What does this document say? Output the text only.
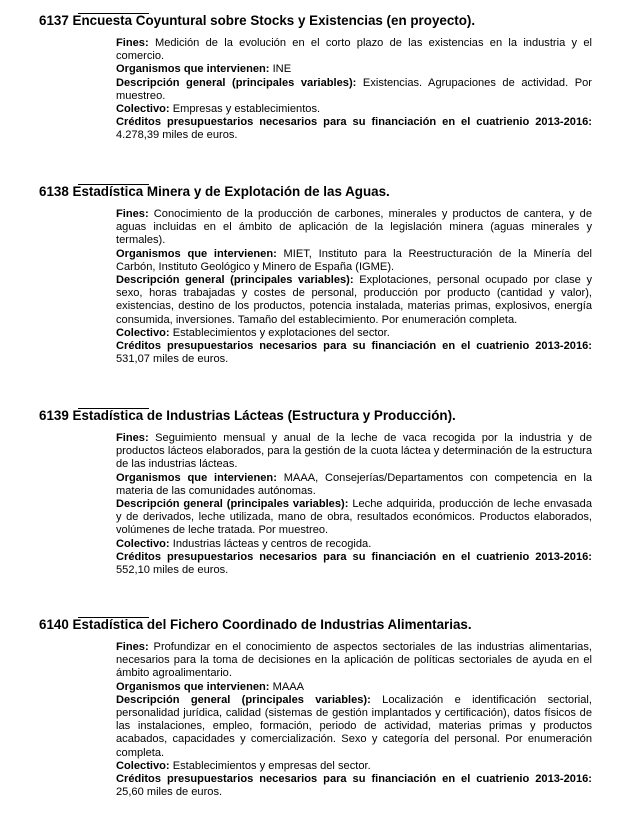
6137 Encuesta Coyuntural sobre Stocks y Existencias (en proyecto).

Fines: Medición de la evolución en el corto plazo de las existencias en la industria y el comercio.

Organismos que intervienen: INE

Descripción general (principales variables): Existencias. Agrupaciones de actividad. Por muestreo.

Colectivo: Empresas y establecimientos.

Créditos presupuestarios necesarios para su financiación en el cuatrienio 2013-2016: 4.278,39 miles de euros.

6138 Estadística Minera y de Explotación de las Aguas.

Fines: Conocimiento de la producción de carbones, minerales y productos de cantera, y de aguas incluidas en el ámbito de aplicación de la legislación minera (aguas minerales y termales).

Organismos que intervienen: MIET, Instituto para la Reestructuración de la Minería del Carbón, Instituto Geológico y Minero de España (IGME).

Descripción general (principales variables): Explotaciones, personal ocupado por clase y sexo, horas trabajadas y costes de personal, producción por producto (cantidad y valor), existencias, destino de los productos, potencia instalada, materias primas, explosivos, energía consumida, inversiones. Tamaño del establecimiento. Por enumeración completa.

Colectivo: Establecimientos y explotaciones del sector.

Créditos presupuestarios necesarios para su financiación en el cuatrienio 2013-2016: 531,07 miles de euros.

6139 Estadística de Industrias Lácteas (Estructura y Producción).

Fines: Seguimiento mensual y anual de la leche de vaca recogida por la industria y de productos lácteos elaborados, para la gestión de la cuota láctea y determinación de la estructura de las industrias lácteas.

Organismos que intervienen: MAAA, Consejerías/Departamentos con competencia en la materia de las comunidades autónomas.

Descripción general (principales variables): Leche adquirida, producción de leche envasada y de derivados, leche utilizada, mano de obra, resultados económicos. Productos elaborados, volúmenes de leche tratada. Por muestreo.

Colectivo: Industrias lácteas y centros de recogida.

Créditos presupuestarios necesarios para su financiación en el cuatrienio 2013-2016: 552,10 miles de euros.

6140 Estadística del Fichero Coordinado de Industrias Alimentarias.

Fines: Profundizar en el conocimiento de aspectos sectoriales de las industrias alimentarias, necesarios para la toma de decisiones en la aplicación de políticas sectoriales de ayuda en el ámbito agroalimentario.

Organismos que intervienen: MAAA

Descripción general (principales variables): Localización e identificación sectorial, personalidad jurídica, calidad (sistemas de gestión implantados y certificación), datos físicos de las instalaciones, empleo, formación, periodo de actividad, materias primas y productos acabados, capacidades y comercialización. Sexo y categoría del personal. Por enumeración completa.

Colectivo: Establecimientos y empresas del sector.

Créditos presupuestarios necesarios para su financiación en el cuatrienio 2013-2016: 25,60 miles de euros.
